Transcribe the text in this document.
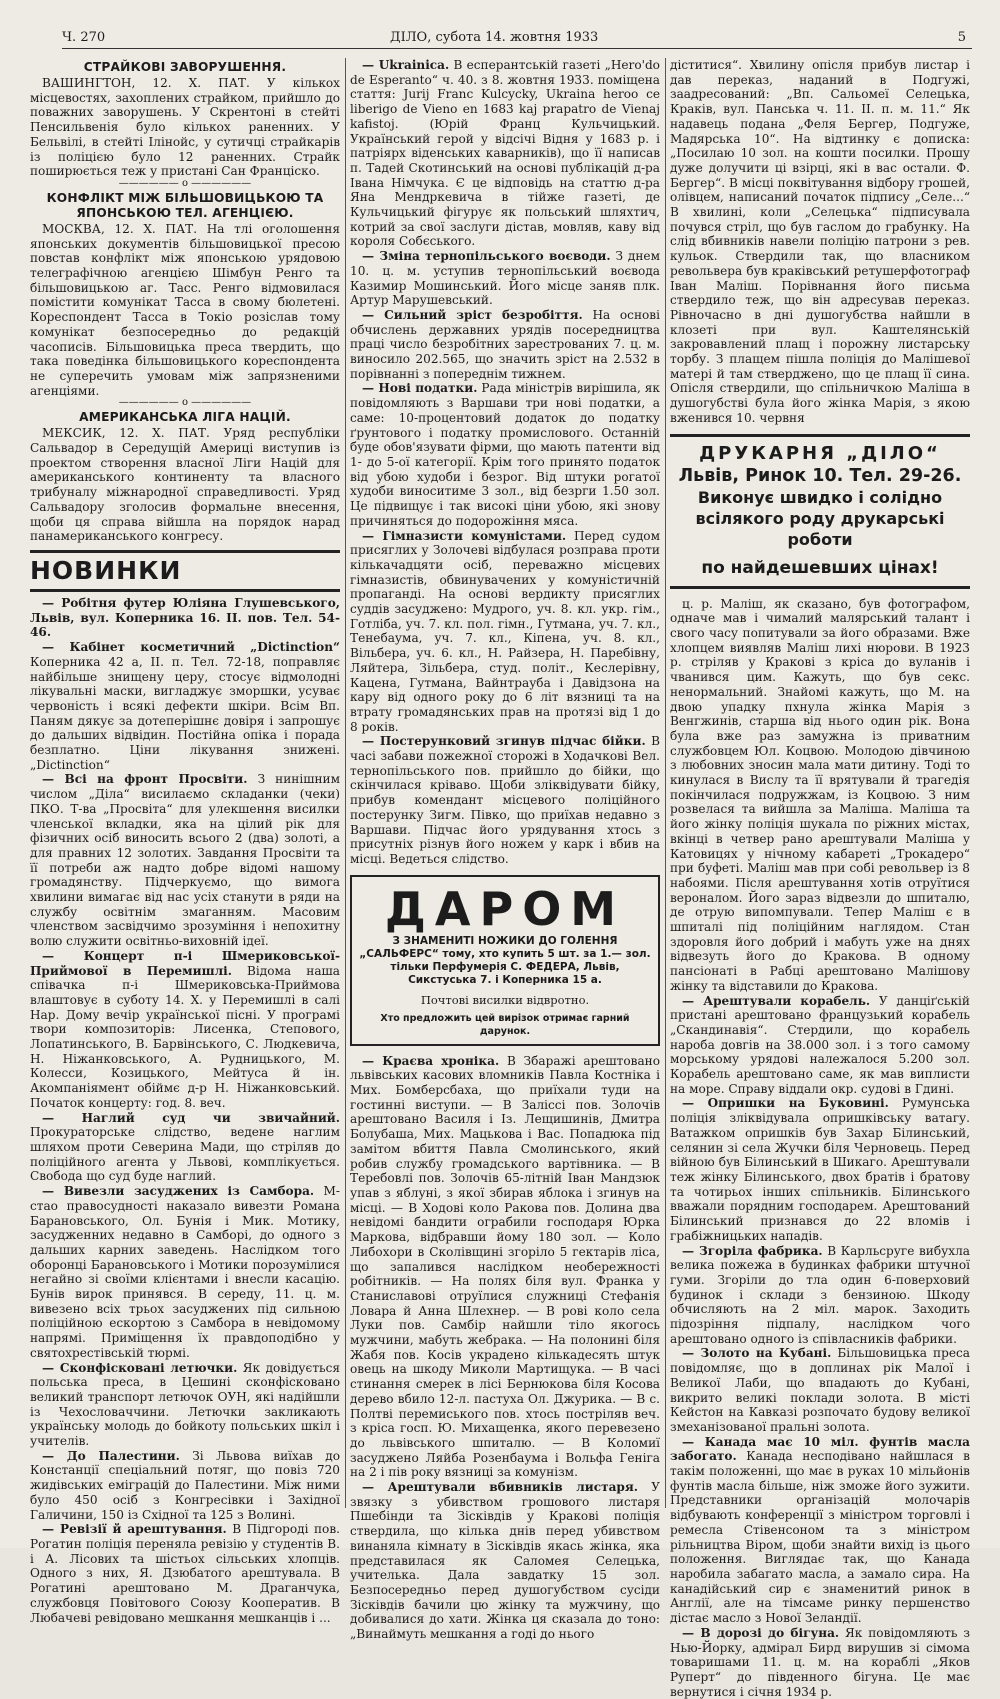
Ч. 270	ДІЛО, субота 14. жовтня 1933	5
СТРАЙКОВІ ЗАВОРУШЕННЯ.

ВАШИНГТОН, 12. X. ПАТ. У кількох місцевостях, захоплених страйком, прийшло до поважних заворушень. У Скрентоні в стейті Пенсильвенія було кількох раненних. У Бельвілі, в стейті Ілінойс, у сутичці страйкарів із поліцією було 12 раненних. Страйк поширюється теж у пристані Сан Франціско.

—————— o ——————
КОНФЛІКТ МІЖ БІЛЬШОВИЦЬКОЮ ТА ЯПОНСЬКОЮ ТЕЛ. АГЕНЦІЄЮ.

МОСКВА, 12. X. ПАТ. На тлі оголошення японських документів більшовицької пресою повстав конфлікт між японською урядовою телеграфічною агенцією Шімбун Ренго та більшовицькою аг. Тасс. Ренго відмовилася помістити комунікат Тасса в свому бюлетені. Кореспондент Тасса в Токіо розіслав тому комунікат безпосередньо до редакцій часописів. Більшовицька преса твердить, що така поведінка більшовицького кореспондента не суперечить умовам між запрязненими агенціями.

—————— o ——————
АМЕРИКАНСЬКА ЛІГА НАЦІЙ.

МЕКСИК, 12. X. ПАТ. Уряд республіки Сальвадор в Середущій Америці виступив із проектом створення власної Ліги Націй для американського континенту та власного трибуналу міжнародної справедливості. Уряд Сальвадору зголосив формальне внесення, щоби ця справа війшла на порядок нарад панамериканського конгресу.

НОВИНКИ

— Робітня футер Юліяна Глушевського, Львів, вул. Коперника 16. II. пов. Тел. 54-46.

— Кабінет косметичний „Dictinction“ Коперника 42 а, II. п. Тел. 72-18, поправляє найбільше знищену церу, стосує відмолодні лікувальні маски, вигладжує зморшки, усуває червоність і всякі дефекти шкіри. Всім Вп. Паням дякує за дотеперішнє довіря і запрошує до дальших відвідин. Постійна опіка і порада безплатно. Ціни лікування знижені. „Dictinction“

— Всі на фронт Просвіти. З нинішним числом „Діла“ висилаємо складанки (чеки) ПКО. Т-ва „Просвіта“ для улекшення висилки членської вкладки, яка на цілий рік для фізичних осіб виносить всього 2 (два) золоті, а для правних 12 золотих. Завдання Просвіти та її потреби аж надто добре відомі нашому громадянству. Підчеркуємо, що вимога хвилини вимагає від нас усіх станути в ряди на службу освітнім змаганням. Масовим членством засвідчимо зрозуміння і непохитну волю служити освітньо-виховній ідеї.

— Концерт п-і Шмериковської-Приймової в Перемишлі. Відома наша співачка п-і Шмериковська-Приймова влаштовує в суботу 14. X. у Перемишлі в салі Нар. Дому вечір української пісні. У програмі твори композиторів: Лисенка, Степового, Лопатинського, В. Барвінського, С. Людкевича, Н. Ніжанковського, А. Рудницького, М. Колесси, Козицького, Мейтуса й ін. Акомпаніямент обіймє д-р Н. Ніжанковський. Початок концерту: год. 8. веч.

— Наглий суд чи звичайний. Прокураторське слідство, ведене наглим шляхом проти Северина Мади, що стріляв до поліційного агента у Львові, комплікується. Свобода що суд буде наглий.

— Вивезли засуджених із Самбора. М-стао правосудності наказало вивезти Романа Барановського, Ол. Бунія і Мик. Мотику, засудженних недавно в Самборі, до одного з дальших карних заведень. Наслідком того оборонці Барановського і Мотики порозумілися негайно зі своїми клієнтами і внесли касацію. Бунів вирок принявся. В середу, 11. ц. м. вивезено всіх трьох засуджених під сильною поліційною ескортою з Самбора в невідомому напрямі. Приміщення їх правдоподібно у святохрестівській тюрмі.

— Сконфісковані летючки. Як довідується польська преса, в Цешині сконфісковано великий транспорт летючок ОУН, які надійшли із Чехословаччини. Летючки закликають українську молодь до бойкоту польських шкіл і учителів.

— До Палестини. Зі Львова виїхав до Констанції спеціальний потяг, що повіз 720 жидівських еміграцій до Палестини. Між ними було 450 осіб з Конгресівки і Західної Галичини, 150 із Східної та 125 з Волині.

— Ревізії й арештування. В Підгороді пов. Рогатин поліція переняла ревізію у студентів В. і А. Лісових та шістьох сільських хлопців. Одного з них, Я. Дзюбатого арештувала. В Рогатині арештовано М. Драганчука, службовця Повітового Союзу Кооператив. В Любачеві ревідовано мешкання мешканців і ...

— Ukrainica. В есперантській газеті „Hero'do de Esperanto“ ч. 40. з 8. жовтня 1933. поміщена стаття: Jurij Franc Kulcycky, Ukraina heroo ce liberigo de Vieno en 1683 kaj prapatro de Vienaj kafistoj. (Юрій Франц Кульчицький. Український герой у відсічі Відня у 1683 р. і патріярх віденських каварників), що її написав п. Тадей Скотинський на основі публікацій д-ра Івана Німчука. Є це відповідь на статтю д-ра Яна Мендркевича в тійже газеті, де Кульчицький фігурує як польський шляхтич, котрий за свої заслуги дістав, мовляв, каву від короля Собєського.

— Зміна тернопільського воєводи. З днем 10. ц. м. уступив тернопільський воєвода Казимир Мошинський. Його місце заняв плк. Артур Марушевський.

— Сильний зріст безробіття. На основі обчислень державних урядів посередництва праці число безробітних зарестрованих 7. ц. м. виносило 202.565, що значить зріст на 2.532 в порівнанні з попереднім тижнем.

— Нові податки. Рада міністрів вирішила, як повідомляють з Варшави три нові податки, а саме: 10-процентовий додаток до податку ґрунтового і податку промислового. Останній буде обов'язувати фірми, що мають патенти від 1- до 5-ої категорії. Крім того принято податок від убою худоби і безрог. Від штуки рогатої худоби виноситиме 3 зол., від безрги 1.50 зол. Це підвищує і так високі ціни убою, які знову причиняться до подорожіння мяса.

— Гімназисти комуністами. Перед судом присяглих у Золочеві відбулася розправа проти кількачадцяти осіб, переважно місцевих гімназистів, обвинувачених у комуністичній пропаганді. На основі вердикту присяглих суддів засуджено: Мудрого, уч. 8. кл. укр. гім., Готліба, уч. 7. кл. пол. гімн., Гутмана, уч. 7. кл., Тенебаума, уч. 7. кл., Кіпена, уч. 8. кл., Вільбера, уч. 6. кл., Н. Райзера, Н. Паребівну, Ляйтера, Зільбера, студ. політ., Кеслерівну, Кацена, Гутмана, Вайнтрауба і Давідзона на кару від одного року до 6 літ вязниці та на втрату громадянських прав на протязі від 1 до 8 років.

— Постерунковий згинув підчас бійки. В часі забави пожежної сторожі в Ходачкові Вел. тернопільського пов. прийшло до бійки, що скінчилася кріваво. Щоби зліквідувати бійку, прибув комендант місцевого поліційного постерунку Зигм. Півко, що приїхав недавно з Варшави. Підчас його урядування хтось з присутніх різнув його ножем у карк і вбив на місці. Ведеться слідство.

ДАРОМ
З ЗНАМЕНИТІ НОЖИКИ ДО ГОЛЕННЯ „САЛЬФЕРС“ тому, хто купить 5 шт. за 1.— зол.
тільки Перфумерія С. ФЕДЕРА, Львів, Сикстуська 7. і Коперника 15 а.
Почтові висилки відвротно.
Хто предложить цей вирізок отримає гарний дарунок.

— Краєва хроніка. В Збаражі арештовано львівських касових вломників Павла Костніка і Мих. Бомберсбаха, що приїхали туди на гостинні виступи. — В Заліссі пов. Золочів арештовано Василя і Із. Лещишинів, Дмитра Болубаша, Мих. Мацькова і Вас. Попадюка під замітом вбиття Павла Смолинського, який робив службу громадського вартівника. — В Теребовлі пов. Золочів 65-літній Іван Мандзюк упав з яблуні, з якої збирав яблока і згинув на місці. — В Ходові коло Ракова пов. Долина два невідомі бандити ограбили господаря Юрка Маркова, відбравши йому 180 зол. — Коло Либохори в Сколівщині згоріло 5 гектарів ліса, що запалився наслідком необережності робітників. — На полях біля вул. Франка у Станиславові отруїлися служниці Стефанія Ловара й Анна Шлехнер. — В рові коло села Луки пов. Самбір найшли тіло якогось мужчини, мабуть жебрака. — На полонині біля Жабя пов. Косів украдено кількадесять штук овець на шкоду Миколи Мартищука. — В часі стинання смерек в лісі Бернюкова біля Косова дерево вбило 12-л. пастуха Ол. Джурика. — В с. Полтві перемиського пов. хтось постріляв веч. з кріса госп. Ю. Михащенка, якого перевезено до львівського шпиталю. — В Коломиї засуджено Ляйба Розенбаума і Вольфа Геніга на 2 і пів року вязниці за комунізм.

— Арештували вбивників листаря. У звязку з убивством грошового листаря Пшебінди та Зісківдів у Кракові поліція ствердила, що кілька днів перед убивством винаняла кімнату в Зісківдів якась жінка, яка представилася як Саломея Селецька, учителька. Дала завдатку 15 зол. Безпосередньо перед душогубством сусіди Зісківдів бачили цю жінку та мужчину, що добивалися до хати. Жінка ця сказала до тоно: „Винаймуть мешкання а годі до нього

діститися“. Хвилину опісля прибув листар і дав переказ, наданий в Подгужі, заадресований: „Вп. Сальомеї Селецька, Краків, вул. Панська ч. 11. II. п. м. 11.“ Як надавець подана „Феля Бергер, Подгуже, Мадярська 10“. На відтинку є дописка: „Посилаю 10 зол. на кошти посилки. Прошу дуже долучити ці взірці, які в вас остали. Ф. Бергер“. В місці поквітування відбору грошей, олівцем, написаний початок підпису „Селе...“ В хвилині, коли „Селецька“ підписувала почувся стріл, що був гаслом до грабунку. На слід вбивників навели поліцію патрони з рев. кульок. Ствердили так, що власником револьвера був краківський ретушерфотограф Іван Маліш. Порівнання його письма ствердило теж, що він адресував переказ. Рівночасно в дні душогубства найшли в клозеті при вул. Каштелянській закровавлений плащ і порожну листарську торбу. З плащем пішла поліція до Малішевої матері й там стверджено, що це плащ її сина. Опісля ствердили, що спільничкою Маліша в душогубстві була його жінка Марія, з якою вженився 10. червня

ДРУКАРНЯ „ДІЛО“
Львів, Ринок 10. Тел. 29-26.
Виконує швидко і солідно всілякого роду друкарські роботи
по найдешевших цінах!

ц. р. Маліш, як сказано, був фотографом, одначе мав і чималий малярський талант і свого часу попитували за його образами. Вже хлопцем виявляв Маліш лихі нюрови. В 1923 р. стріляв у Кракові з кріса до вуланів і чванився цим. Кажуть, що був секс. ненормальний. Знайомі кажуть, що М. на двою упадку пхнула жінка Марія з Венгжинів, старша від нього один рік. Вона була вже раз замужна із приватним службовцем Юл. Коцвою. Молодою дівчиною з любовних зносин мала мати дитину. Тоді то кинулася в Вислу та її врятували й трагедія покінчилася подружжам, із Коцвою. З ним розвелася та вийшла за Маліша. Маліша та його жінку поліція шукала по ріжних містах, вкінці в четвер рано арештували Маліша у Катовицях у нічному кабареті „Трокадеро“ при буфеті. Маліш мав при собі револьвер із 8 набоями. Після арештування хотів отруїтися вероналом. Його зараз відвезли до шпиталю, де отрую випомпували. Тепер Маліш є в шпиталі під поліційним наглядом. Стан здоровля його добрий і мабуть уже на днях відвезуть його до Кракова. В одному пансіонаті в Рабці арештовано Малішову жінку та відставили до Кракова.

— Арештували корабель. У данціґській пристані арештовано французький корабель „Скандинавія“. Стердили, що корабель нароба довгів на 38.000 зол. і з того самому морському урядові належалося 5.200 зол. Корабель арештовано саме, як мав виплисти на море. Справу віддали окр. судові в Гдині.

— Опришки на Буковині. Румунська поліція зліквідувала опришківську ватагу. Ватажком опришків був Захар Білинський, селянин зі села Жучки біля Черновець. Перед війною був Білинський в Шикаго. Арештували теж жінку Білинського, двох братів і братову та чотирьох інших спільників. Білинського вважали порядним господарем. Арештований Білинський признався до 22 вломів і грабіжницьких нападів.

— Згоріла фабрика. В Карльсруге вибухла велика пожежа в будинках фабрики штучної гуми. Згоріли до тла один 6-поверховий будинок і склади з бензиною. Шкоду обчисляють на 2 міл. марок. Заходить підозріння підпалу, наслідком чого арештовано одного із співласників фабрики.

— Золото на Кубані. Більшовицька преса повідомляє, що в доплинах рік Малої і Великої Лаби, що впадають до Кубані, викрито великі поклади золота. В місті Кейстон на Кавказі розпочато будову великої змеханізованої пральні золота.

— Канада має 10 міл. фунтів масла забогато. Канада несподівано найшлася в такім положенні, що має в руках 10 мільйонів фунтів масла більше, ніж зможе його зужити. Представники організацій молочарів відбувають конференції з міністром торговлі і ремесла Стівенсоном та з міністром рільництва Віром, щоби знайти вихід із цього положення. Виглядає так, що Канада наробила забагато масла, а замало сира. На канадійський сир є знаменитий ринок в Англії, але на тімсаме ринку першенство дістає масло з Нової Зеландії.

— В дорозі до бігуна. Як повідомляють з Нью-Йорку, адмірал Бирд вирушив зі сімома товаришами 11. ц. м. на кораблі „Яков Руперт“ до південного бігуна. Це має вернутися і січня 1934 р.
